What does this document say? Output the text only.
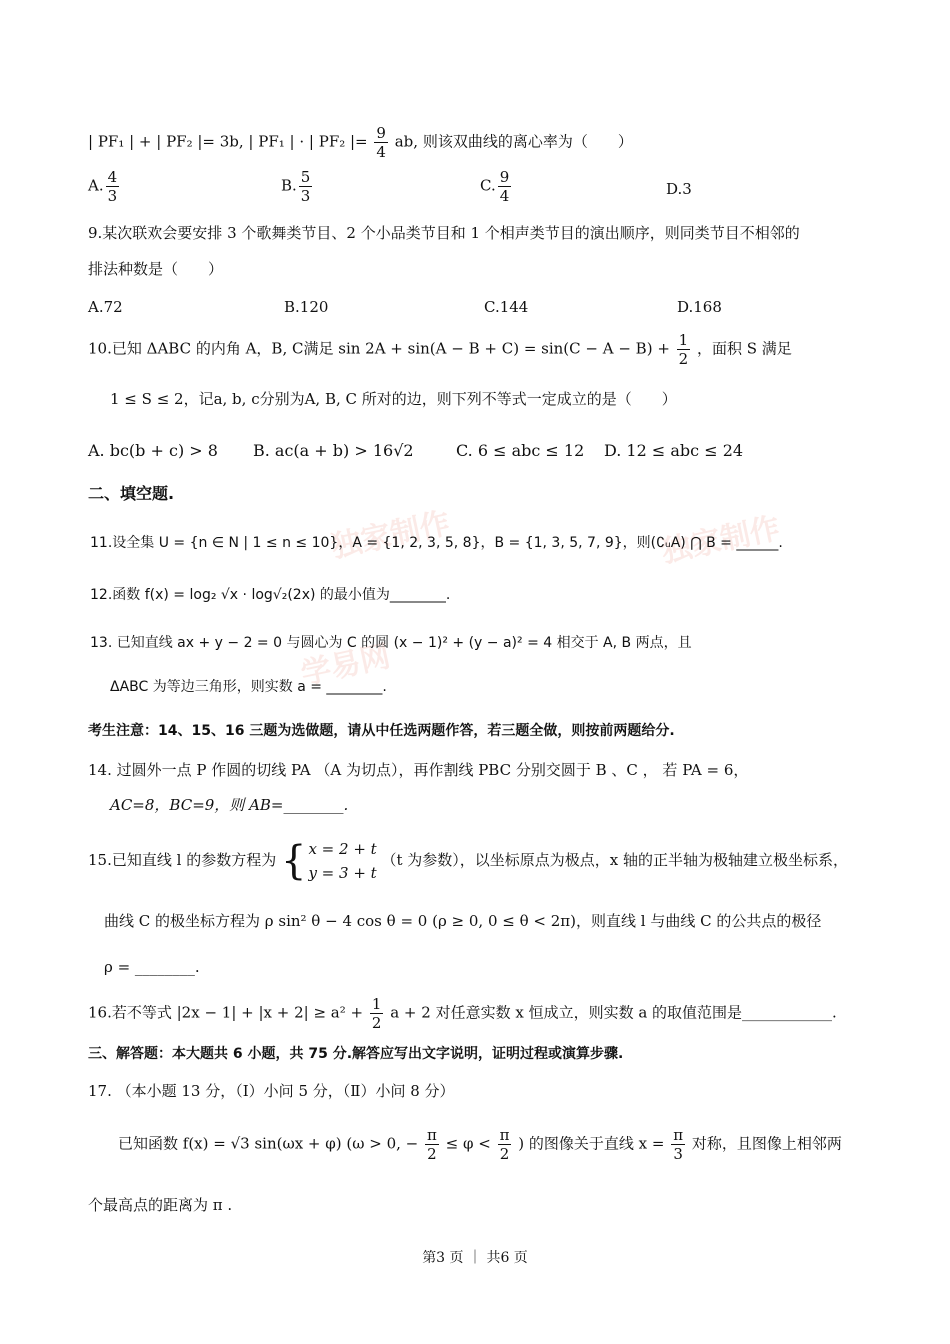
独家制作
学易网
独家制作
| PF₁ | + | PF₂ |= 3b, | PF₁ | · | PF₂ |= $\frac{9}{4}$ ab, 则该双曲线的离心率为（　　）
A. $\frac{4}{3}$	B. $\frac{5}{3}$	C. $\frac{9}{4}$	D.3
9.某次联欢会要安排 3 个歌舞类节目、2 个小品类节目和 1 个相声类节目的演出顺序，则同类节目不相邻的
排法种数是（　　）
A.72	B.120	C.144	D.168
10.已知 ΔABC 的内角 A，B, C满足 $\sin 2A + \sin(A - B + C) = \sin(C - A - B) + \frac{1}{2}$ ，面积 S 满足
1 ≤ S ≤ 2，记a, b, c分别为A, B, C 所对的边，则下列不等式一定成立的是（　　）
A. bc(b + c) > 8 B. ac(a + b) > 16√2	C. 6 ≤ abc ≤ 12 D. 12 ≤ abc ≤ 24
二、填空题.
11.设全集 U = {n ∈ N | 1 ≤ n ≤ 10}，A = {1, 2, 3, 5, 8}，B = {1, 3, 5, 7, 9}，则(∁ᵤA) ⋂ B = ______.
12.函数 f(x) = log₂ √x · log√₂(2x) 的最小值为________.
13. 已知直线 ax + y − 2 = 0 与圆心为 C 的圆 (x − 1)² + (y − a)² = 4 相交于 A, B 两点，且
ΔABC 为等边三角形，则实数 a = ________.
考生注意：14、15、16 三题为选做题，请从中任选两题作答，若三题全做，则按前两题给分.
14. 过圆外一点 P 作圆的切线 PA （A 为切点），再作割线 PBC 分别交圆于 B 、C ， 若 PA = 6，
AC=8，BC=9，则 AB=________.
15.已知直线 l 的参数方程为 { x = 2 + t
y = 3 + t
（t 为参数），以坐标原点为极点，x 轴的正半轴为极轴建立极坐标系，
曲线 C 的极坐标方程为 ρ sin² θ − 4 cos θ = 0 (ρ ≥ 0, 0 ≤ θ < 2π)，则直线 l 与曲线 C 的公共点的极径
ρ = ________.
16.若不等式 $|2x - 1| + |x + 2| \ge a^2 + \frac{1}{2}$ a + 2 对任意实数 x 恒成立，则实数 a 的取值范围是____________.
三、解答题：本大题共 6 小题，共 75 分.解答应写出文字说明，证明过程或演算步骤.
17. （本小题 13 分，（Ⅰ）小问 5 分，（Ⅱ）小问 8 分）
已知函数 f(x) = √3 sin(ωx + φ) (ω > 0, − $\frac{\pi}{2} \le \varphi < \frac{\pi}{2}$ ) 的图像关于直线 $x = \frac{\pi}{3}$ 对称，且图像上相邻两
个最高点的距离为 π .
第3 页 ｜ 共6 页
